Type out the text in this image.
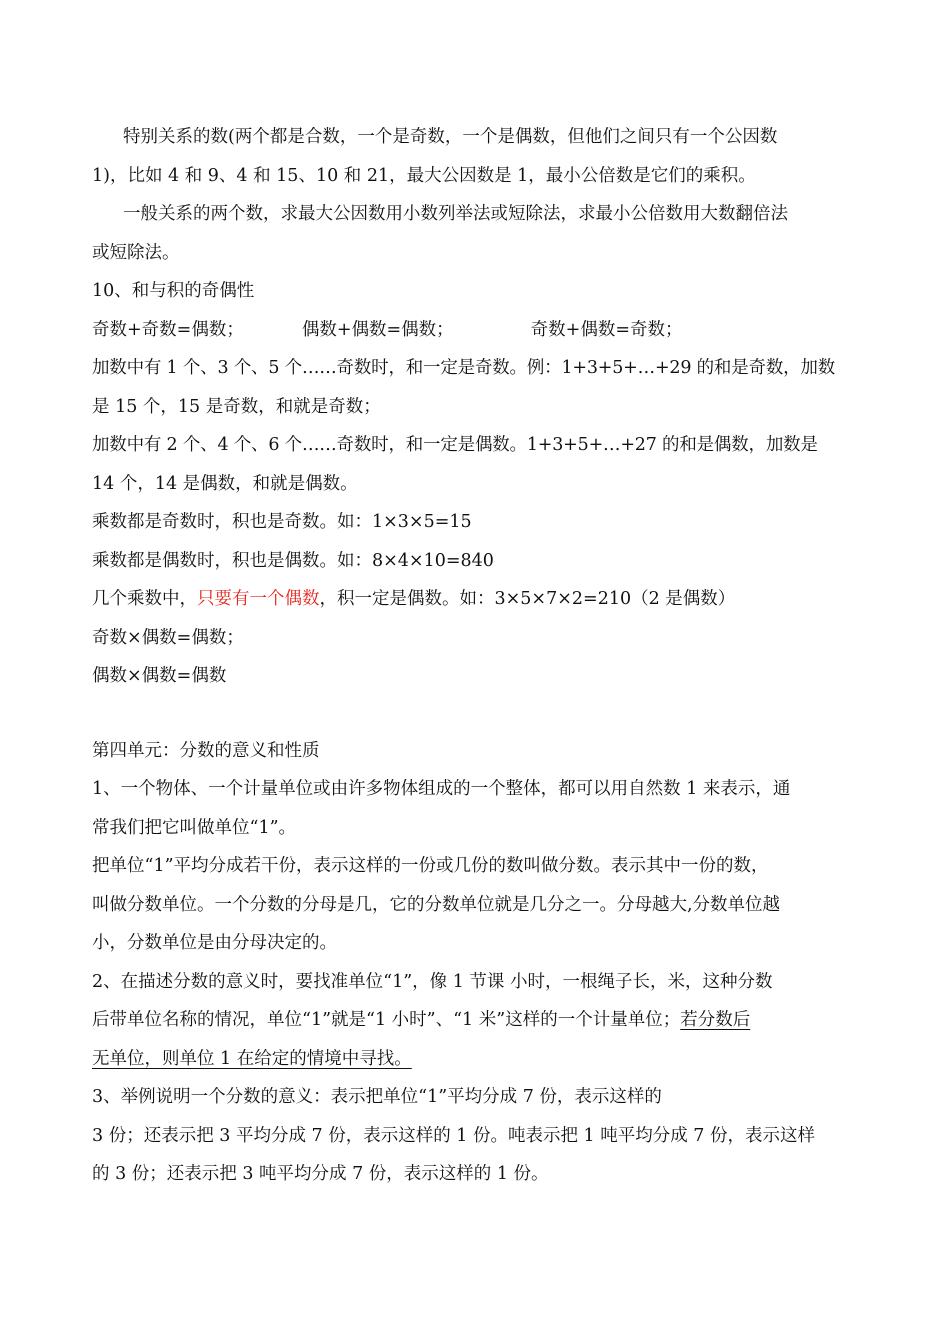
特别关系的数(两个都是合数，一个是奇数，一个是偶数，但他们之间只有一个公因数
1)，比如 4 和 9、4 和 15、10 和 21，最大公因数是 1，最小公倍数是它们的乘积。
一般关系的两个数，求最大公因数用小数列举法或短除法，求最小公倍数用大数翻倍法
或短除法。
10、和与积的奇偶性
奇数+奇数=偶数；	偶数+偶数=偶数；	奇数+偶数=奇数；
加数中有 1 个、3 个、5 个……奇数时，和一定是奇数。例：1+3+5+…+29 的和是奇数，加数
是 15 个，15 是奇数，和就是奇数；
加数中有 2 个、4 个、6 个……奇数时，和一定是偶数。1+3+5+…+27 的和是偶数，加数是
14 个，14 是偶数，和就是偶数。
乘数都是奇数时，积也是奇数。如：1×3×5=15
乘数都是偶数时，积也是偶数。如：8×4×10=840
几个乘数中，只要有一个偶数，积一定是偶数。如：3×5×7×2=210（2 是偶数）
奇数×偶数=偶数；
偶数×偶数=偶数
第四单元：分数的意义和性质
1、一个物体、一个计量单位或由许多物体组成的一个整体，都可以用自然数 1 来表示，通
常我们把它叫做单位“1”。
把单位“1”平均分成若干份，表示这样的一份或几份的数叫做分数。表示其中一份的数，
叫做分数单位。一个分数的分母是几，它的分数单位就是几分之一。分母越大,分数单位越
小，分数单位是由分母决定的。
2、在描述分数的意义时，要找准单位“1”，像 1 节课 小时，一根绳子长，米，这种分数
后带单位名称的情况，单位“1”就是“1 小时”、“1 米”这样的一个计量单位；若分数后
无单位，则单位 1 在给定的情境中寻找。
3、举例说明一个分数的意义：表示把单位“1”平均分成 7 份，表示这样的
3 份；还表示把 3 平均分成 7 份，表示这样的 1 份。吨表示把 1 吨平均分成 7 份，表示这样
的 3 份；还表示把 3 吨平均分成 7 份，表示这样的 1 份。
